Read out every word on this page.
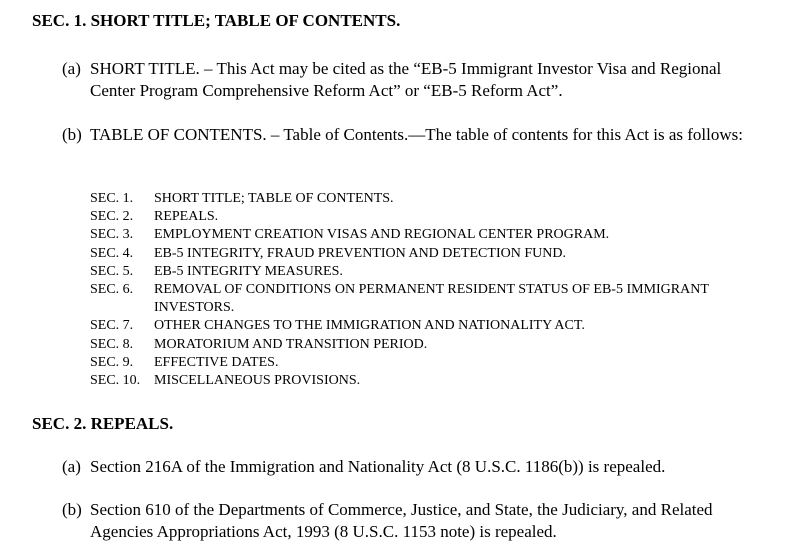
SEC. 1. SHORT TITLE; TABLE OF CONTENTS.
(a) SHORT TITLE. – This Act may be cited as the “EB-5 Immigrant Investor Visa and Regional Center Program Comprehensive Reform Act” or “EB-5 Reform Act”.
(b) TABLE OF CONTENTS. – Table of Contents.—The table of contents for this Act is as follows:
SEC. 1. SHORT TITLE; TABLE OF CONTENTS.
SEC. 2. REPEALS.
SEC. 3. EMPLOYMENT CREATION VISAS AND REGIONAL CENTER PROGRAM.
SEC. 4. EB-5 INTEGRITY, FRAUD PREVENTION AND DETECTION FUND.
SEC. 5. EB-5 INTEGRITY MEASURES.
SEC. 6. REMOVAL OF CONDITIONS ON PERMANENT RESIDENT STATUS OF EB-5 IMMIGRANT INVESTORS.
SEC. 7. OTHER CHANGES TO THE IMMIGRATION AND NATIONALITY ACT.
SEC. 8. MORATORIUM AND TRANSITION PERIOD.
SEC. 9. EFFECTIVE DATES.
SEC. 10. MISCELLANEOUS PROVISIONS.
SEC. 2. REPEALS.
(a) Section 216A of the Immigration and Nationality Act (8 U.S.C. 1186(b)) is repealed.
(b) Section 610 of the Departments of Commerce, Justice, and State, the Judiciary, and Related Agencies Appropriations Act, 1993 (8 U.S.C. 1153 note) is repealed.
